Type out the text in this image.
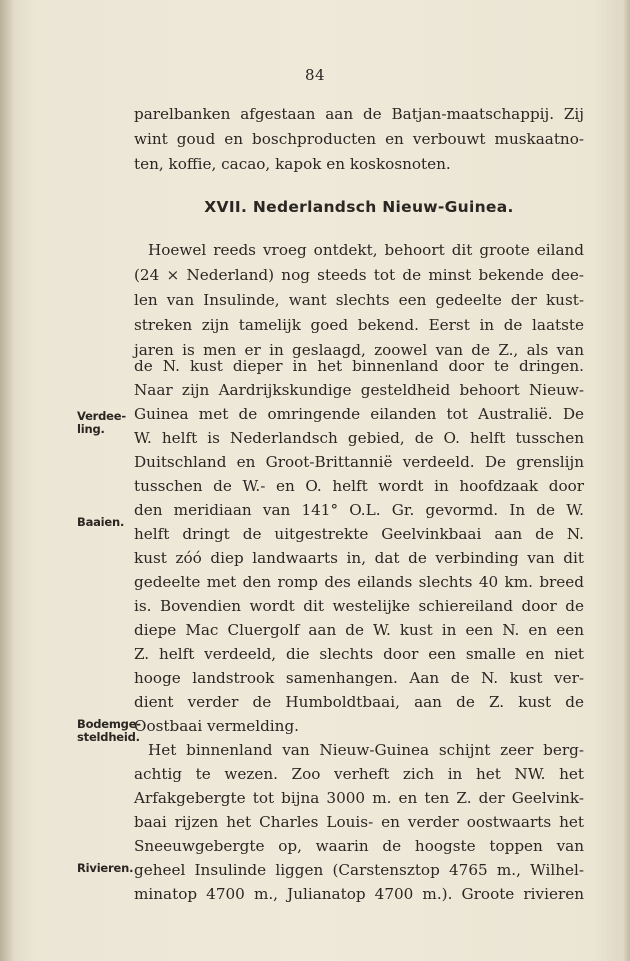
84
parelbanken afgestaan aan de Batjan-maatschappij. Zij
wint goud en boschproducten en verbouwt muskaatno-
ten, koffie, cacao, kapok en koskosnoten.
XVII. Nederlandsch Nieuw-Guinea.
Hoewel reeds vroeg ontdekt, behoort dit groote eiland
(24 × Nederland) nog steeds tot de minst bekende dee-
len van Insulinde, want slechts een gedeelte der kust-
streken zijn tamelijk goed bekend. Eerst in de laatste
jaren is men er in geslaagd, zoowel van de Z., als van
de N. kust dieper in het binnenland door te dringen.
Naar zijn Aardrijkskundige gesteldheid behoort Nieuw-
Guinea met de omringende eilanden tot Australië. De
W. helft is Nederlandsch gebied, de O. helft tusschen
Duitschland en Groot-Brittannië verdeeld. De grenslijn
tusschen de W.- en O. helft wordt in hoofdzaak door
den meridiaan van 141° O.L. Gr. gevormd. In de W.
helft dringt de uitgestrekte Geelvinkbaai aan de N.
kust zóó diep landwaarts in, dat de verbinding van dit
gedeelte met den romp des eilands slechts 40 km. breed
is. Bovendien wordt dit westelijke schiereiland door de
diepe Mac Cluergolf aan de W. kust in een N. en een
Z. helft verdeeld, die slechts door een smalle en niet
hooge landstrook samenhangen. Aan de N. kust ver-
dient verder de Humboldtbaai, aan de Z. kust de
Oostbaai vermelding.
Het binnenland van Nieuw-Guinea schijnt zeer berg-
achtig te wezen. Zoo verheft zich in het NW. het
Arfakgebergte tot bijna 3000 m. en ten Z. der Geelvink-
baai rijzen het Charles Louis- en verder oostwaarts het
Sneeuwgebergte op, waarin de hoogste toppen van
geheel Insulinde liggen (Carstensztop 4765 m., Wilhel-
minatop 4700 m., Julianatop 4700 m.). Groote rivieren
Verdee-
ling.
Baaien.
Bodemge-
steldheid.
Rivieren.
